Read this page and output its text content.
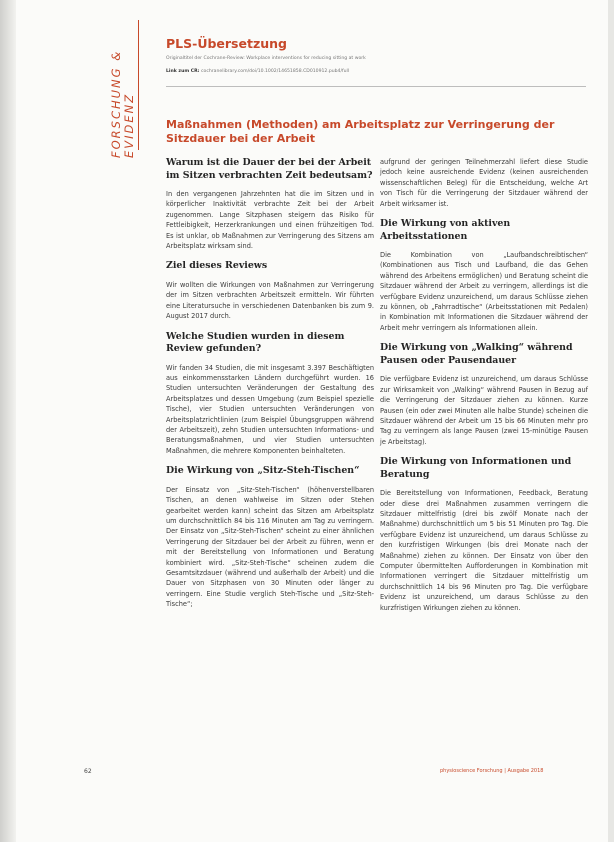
FORSCHUNG & EVIDENZ
PLS-Übersetzung
Originaltitel der Cochrane-Review: Workplace interventions for reducing sitting at work
Link zum CR: cochranelibrary.com/doi/10.1002/14651858.CD010912.pub4/full
Maßnahmen (Methoden) am Arbeitsplatz zur Verringerung der Sitzdauer bei der Arbeit
Warum ist die Dauer der bei der Arbeit im Sitzen verbrachten Zeit bedeutsam?

In den vergangenen Jahrzehnten hat die im Sitzen und in körperlicher Inaktivität verbrachte Zeit bei der Arbeit zugenommen. Lange Sitzphasen steigern das Risiko für Fettleibigkeit, Herzerkrankungen und einen frühzeitigen Tod. Es ist unklar, ob Maßnahmen zur Verringerung des Sitzens am Arbeitsplatz wirksam sind.

Ziel dieses Reviews

Wir wollten die Wirkungen von Maßnahmen zur Verringerung der im Sitzen verbrachten Arbeitszeit ermitteln. Wir führten eine Literatursuche in verschiedenen Datenbanken bis zum 9. August 2017 durch.

Welche Studien wurden in diesem Review gefunden?

Wir fanden 34 Studien, die mit insgesamt 3.397 Beschäftigten aus einkommensstarken Ländern durchgeführt wurden. 16 Studien untersuchten Veränderungen der Gestaltung des Arbeitsplatzes und dessen Umgebung (zum Beispiel spezielle Tische), vier Studien untersuchten Veränderungen von Arbeitsplatzrichtlinien (zum Beispiel Übungsgruppen während der Arbeitszeit), zehn Studien untersuchten Informations- und Beratungsmaßnahmen, und vier Studien untersuchten Maßnahmen, die mehrere Komponenten beinhalteten.

Die Wirkung von „Sitz-Steh-Tischen“

Der Einsatz von „Sitz-Steh-Tischen“ (höhenverstellbaren Tischen, an denen wahlweise im Sitzen oder Stehen gearbeitet werden kann) scheint das Sitzen am Arbeitsplatz um durchschnittlich 84 bis 116 Minuten am Tag zu verringern. Der Einsatz von „Sitz-Steh-Tischen“ scheint zu einer ähnlichen Verringerung der Sitzdauer bei der Arbeit zu führen, wenn er mit der Bereitstellung von Informationen und Beratung kombiniert wird. „Sitz-Steh-Tische“ scheinen zudem die Gesamtsitzdauer (während und außerhalb der Arbeit) und die Dauer von Sitzphasen von 30 Minuten oder länger zu verringern. Eine Studie verglich Steh-Tische und „Sitz-Steh-Tische“;

aufgrund der geringen Teilnehmerzahl liefert diese Studie jedoch keine ausreichende Evidenz (keinen ausreichenden wissenschaftlichen Beleg) für die Entscheidung, welche Art von Tisch für die Verringerung der Sitzdauer während der Arbeit wirksamer ist.

Die Wirkung von aktiven Arbeitsstationen

Die Kombination von „Laufbandschreibtischen“ (Kombinationen aus Tisch und Laufband, die das Gehen während des Arbeitens ermöglichen) und Beratung scheint die Sitzdauer während der Arbeit zu verringern, allerdings ist die verfügbare Evidenz unzureichend, um daraus Schlüsse ziehen zu können, ob „Fahrradtische“ (Arbeitsstationen mit Pedalen) in Kombination mit Informationen die Sitzdauer während der Arbeit mehr verringern als Informationen allein.

Die Wirkung von „Walking“ während Pausen oder Pausendauer

Die verfügbare Evidenz ist unzureichend, um daraus Schlüsse zur Wirksamkeit von „Walking“ während Pausen in Bezug auf die Verringerung der Sitzdauer ziehen zu können. Kurze Pausen (ein oder zwei Minuten alle halbe Stunde) scheinen die Sitzdauer während der Arbeit um 15 bis 66 Minuten mehr pro Tag zu verringern als lange Pausen (zwei 15-minütige Pausen je Arbeitstag).

Die Wirkung von Informationen und Beratung

Die Bereitstellung von Informationen, Feedback, Beratung oder diese drei Maßnahmen zusammen verringern die Sitzdauer mittelfristig (drei bis zwölf Monate nach der Maßnahme) durchschnittlich um 5 bis 51 Minuten pro Tag. Die verfügbare Evidenz ist unzureichend, um daraus Schlüsse zu den kurzfristigen Wirkungen (bis drei Monate nach der Maßnahme) ziehen zu können. Der Einsatz von über den Computer übermittelten Aufforderungen in Kombination mit Informationen verringert die Sitzdauer mittelfristig um durchschnittlich 14 bis 96 Minuten pro Tag. Die verfügbare Evidenz ist unzureichend, um daraus Schlüsse zu den kurzfristigen Wirkungen ziehen zu können.

62	physioscience Forschung | Ausgabe 2018
